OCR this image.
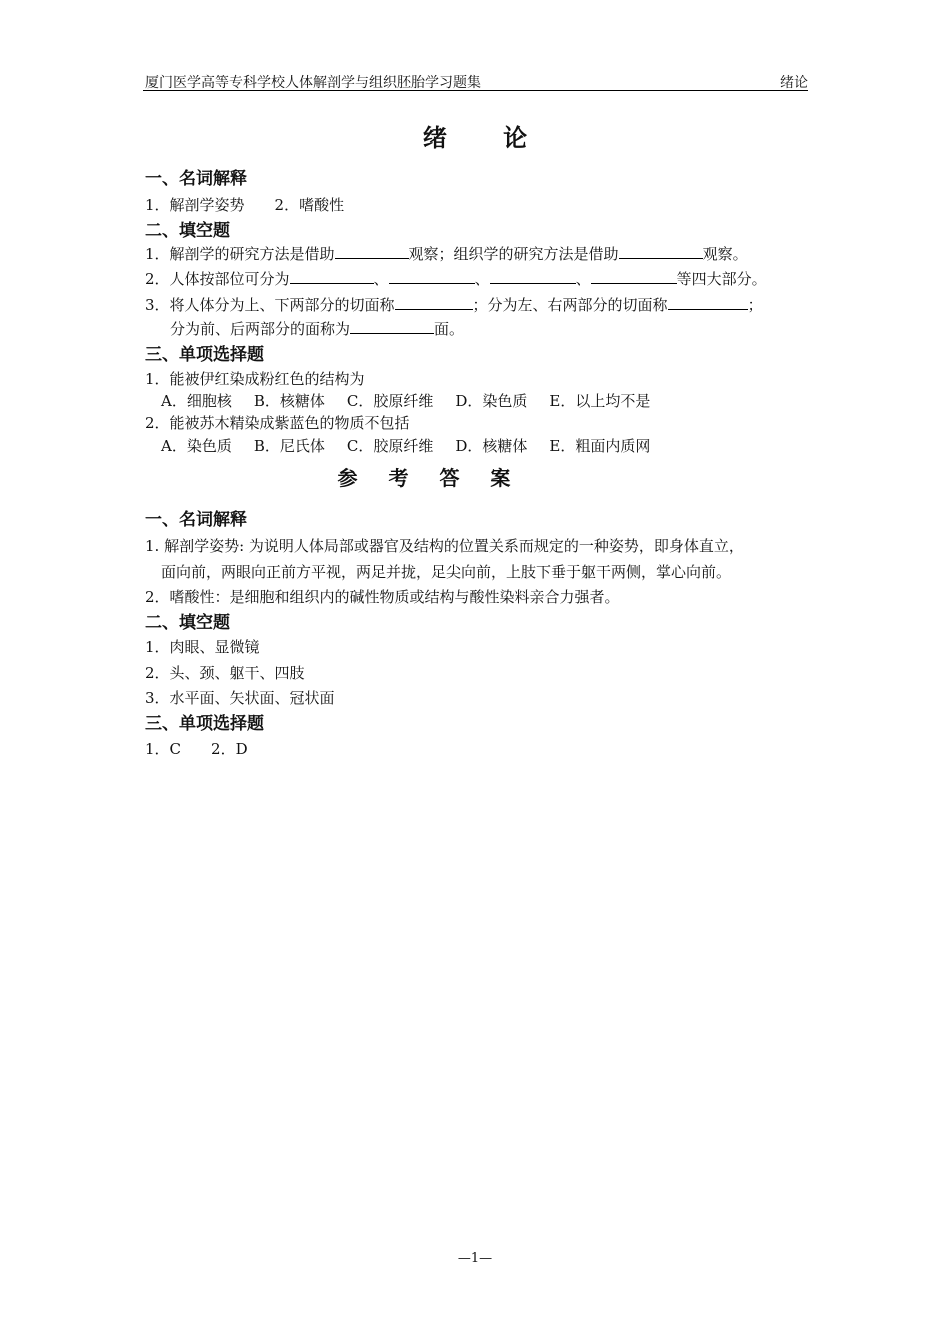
厦门医学高等专科学校人体解剖学与组织胚胎学习题集	绪论
绪 论
一、名词解释
1．解剖学姿势　　2．嗜酸性
二、填空题
1．解剖学的研究方法是借助	观察；组织学的研究方法是借助	观察。
2．人体按部位可分为	、	、	、	等四大部分。
3．将人体分为上、下两部分的切面称	；分为左、右两部分的切面称	；
分为前、后两部分的面称为	面。
三、单项选择题
1．能被伊红染成粉红色的结构为
A．细胞核 B．核糖体 C．胶原纤维 D．染色质 E．以上均不是
2．能被苏木精染成紫蓝色的物质不包括
A．染色质 B．尼氏体 C．胶原纤维 D．核糖体 E．粗面内质网
参 考 答 案
一、名词解释
1. 解剖学姿势: 为说明人体局部或器官及结构的位置关系而规定的一种姿势，即身体直立，
面向前，两眼向正前方平视，两足并拢，足尖向前，上肢下垂于躯干两侧，掌心向前。
2．嗜酸性：是细胞和组织内的碱性物质或结构与酸性染料亲合力强者。
二、填空题
1．肉眼、显微镜
2．头、颈、躯干、四肢
3．水平面、矢状面、冠状面
三、单项选择题
1．C　　2．D
—1—
